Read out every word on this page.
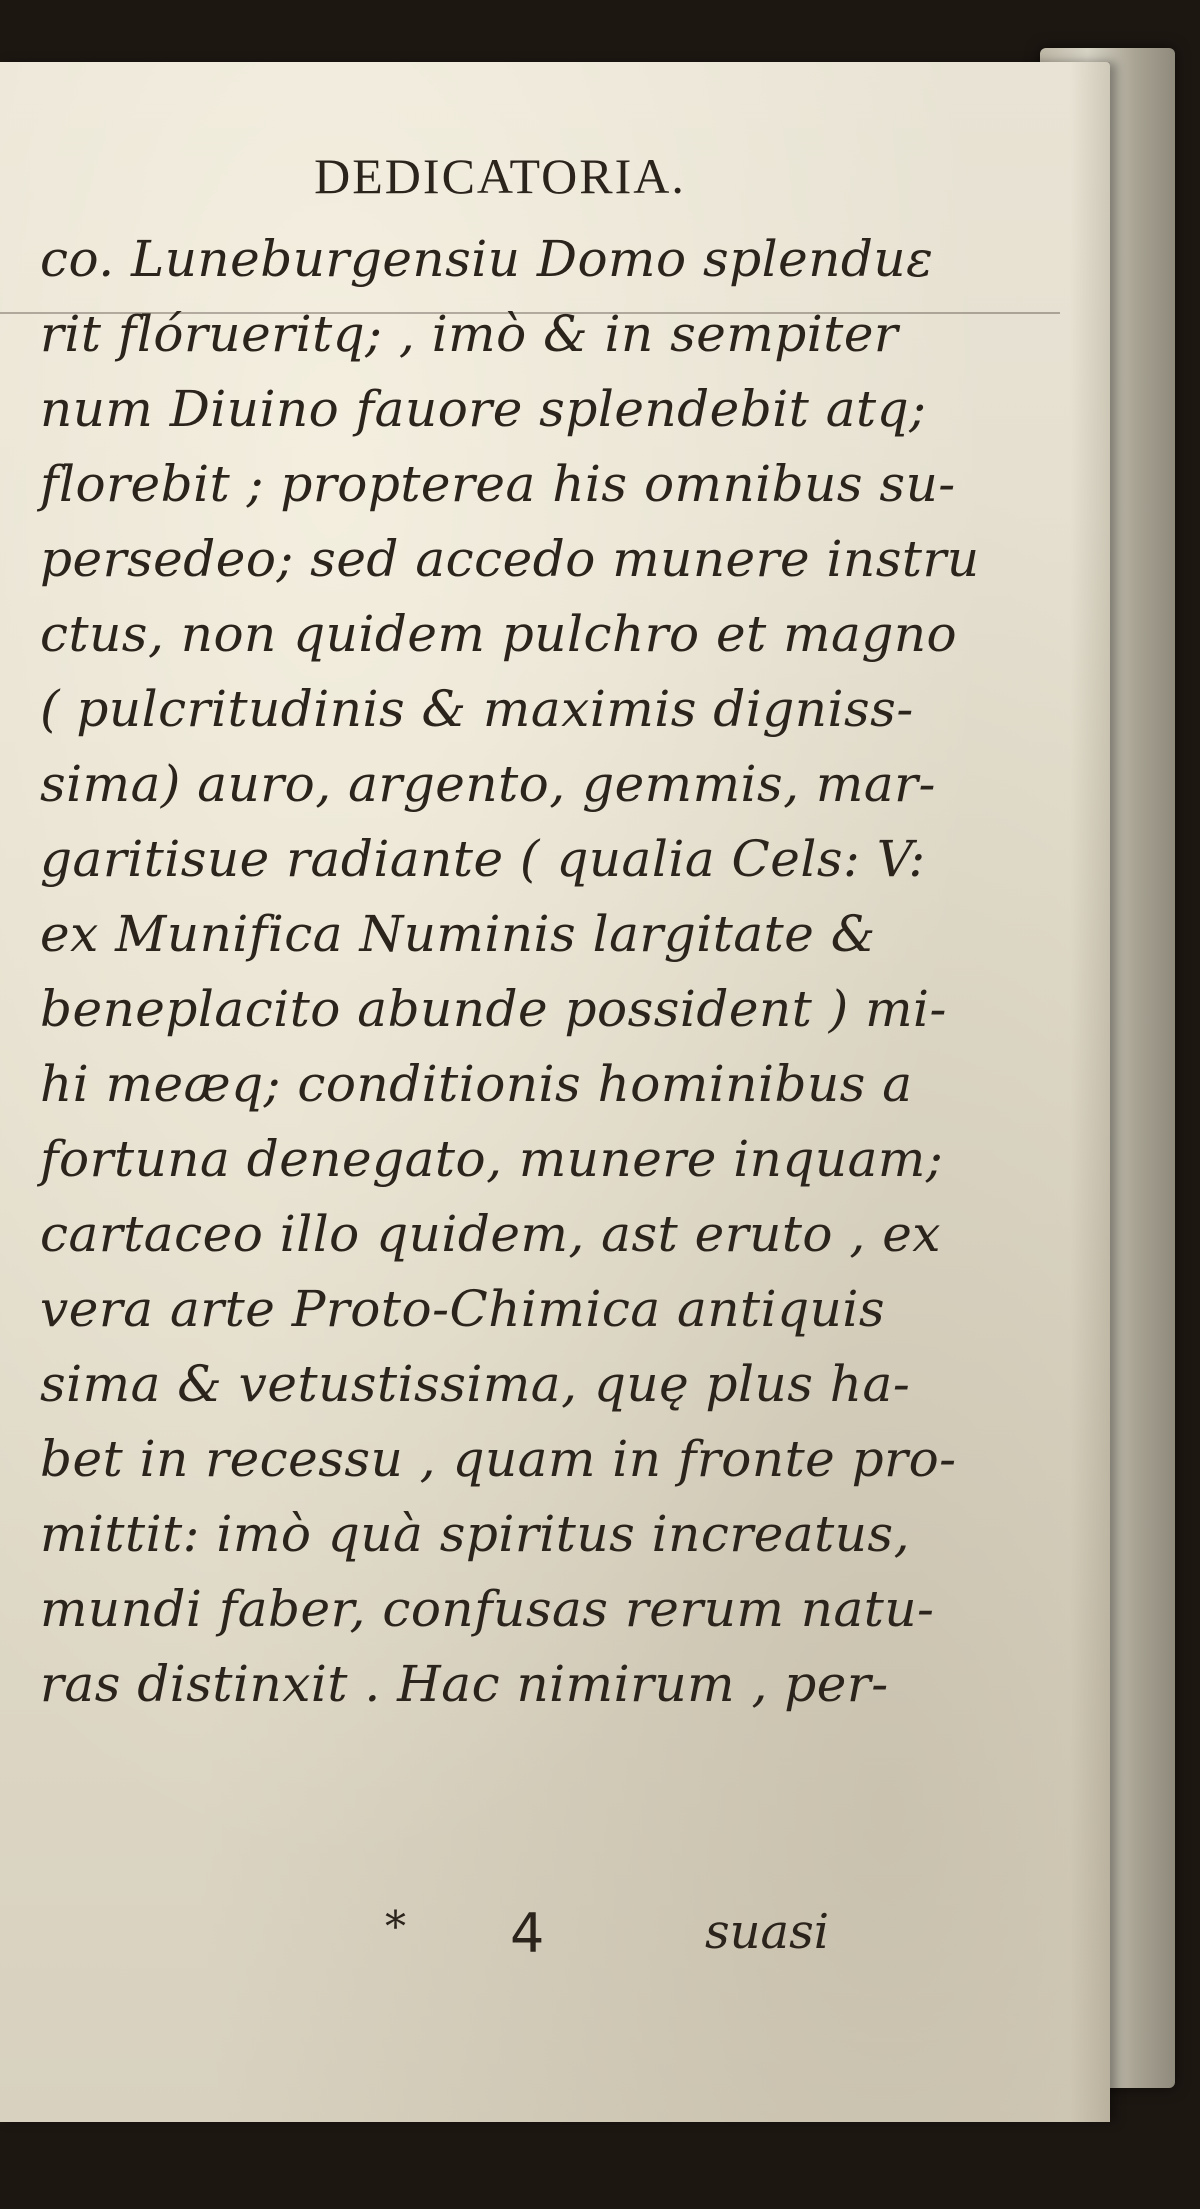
DEDICATORIA.
co. Luneburgensiu Domo splenduε
rit flórueritq; , imò & in sempiter
num Diuino fauore splendebit atq;
florebit ; propterea his omnibus su-
persedeo; sed accedo munere instru
ctus, non quidem pulchro et magno
( pulcritudinis & maximis digniss-
sima) auro, argento, gemmis, mar-
garitisue radiante ( qualia Cels: V:
ex Munifica Numinis largitate &
beneplacito abunde possident ) mi-
hi meæq; conditionis hominibus a
fortuna denegato, munere inquam;
cartaceo illo quidem, ast eruto , ex
vera arte Proto-Chimica antiquis
sima & vetustissima, quę plus ha-
bet in recessu , quam in fronte pro-
mittit: imò quà spiritus increatus,
mundi faber, confusas rerum natu-
ras distinxit . Hac nimirum , per-
* 4	suasi
